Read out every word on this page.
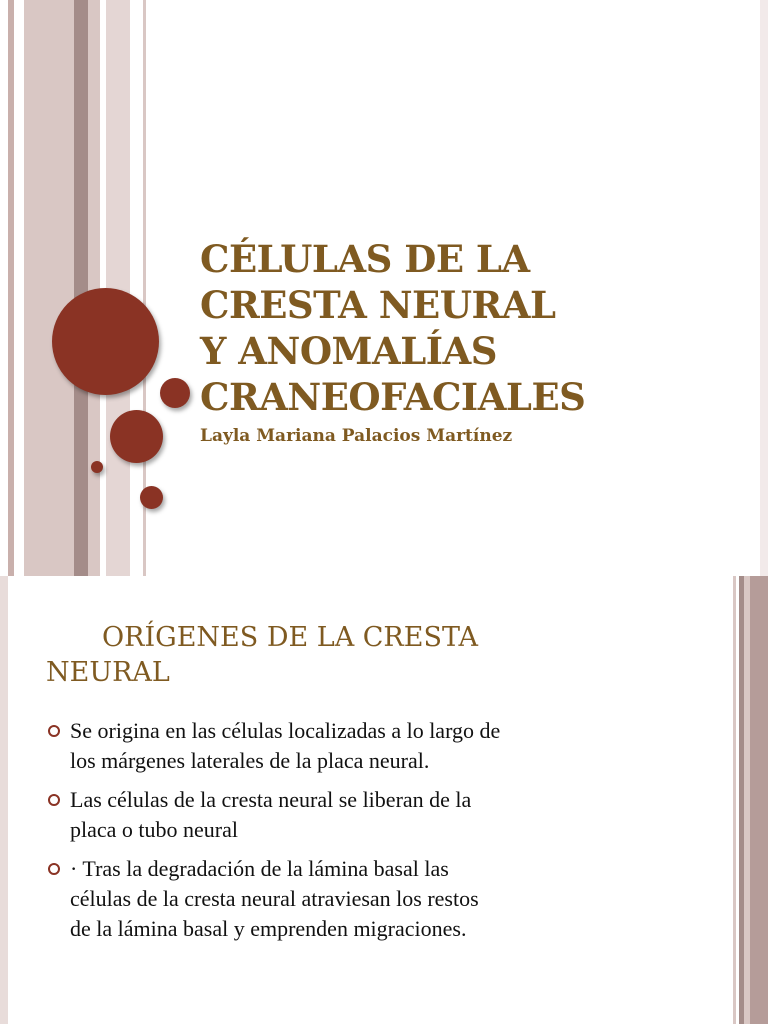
CÉLULAS DE LA
CRESTA NEURAL
Y ANOMALÍAS
CRANEOFACIALES

Layla Mariana Palacios Martínez

ORÍGENES DE LA CRESTA
NEURAL
Se origina en las células localizadas a lo largo de
los márgenes laterales de la placa neural.
Las células de la cresta neural se liberan de la
placa o tubo neural
· Tras la degradación de la lámina basal las
células de la cresta neural atraviesan los restos
de la lámina basal y emprenden migraciones.
